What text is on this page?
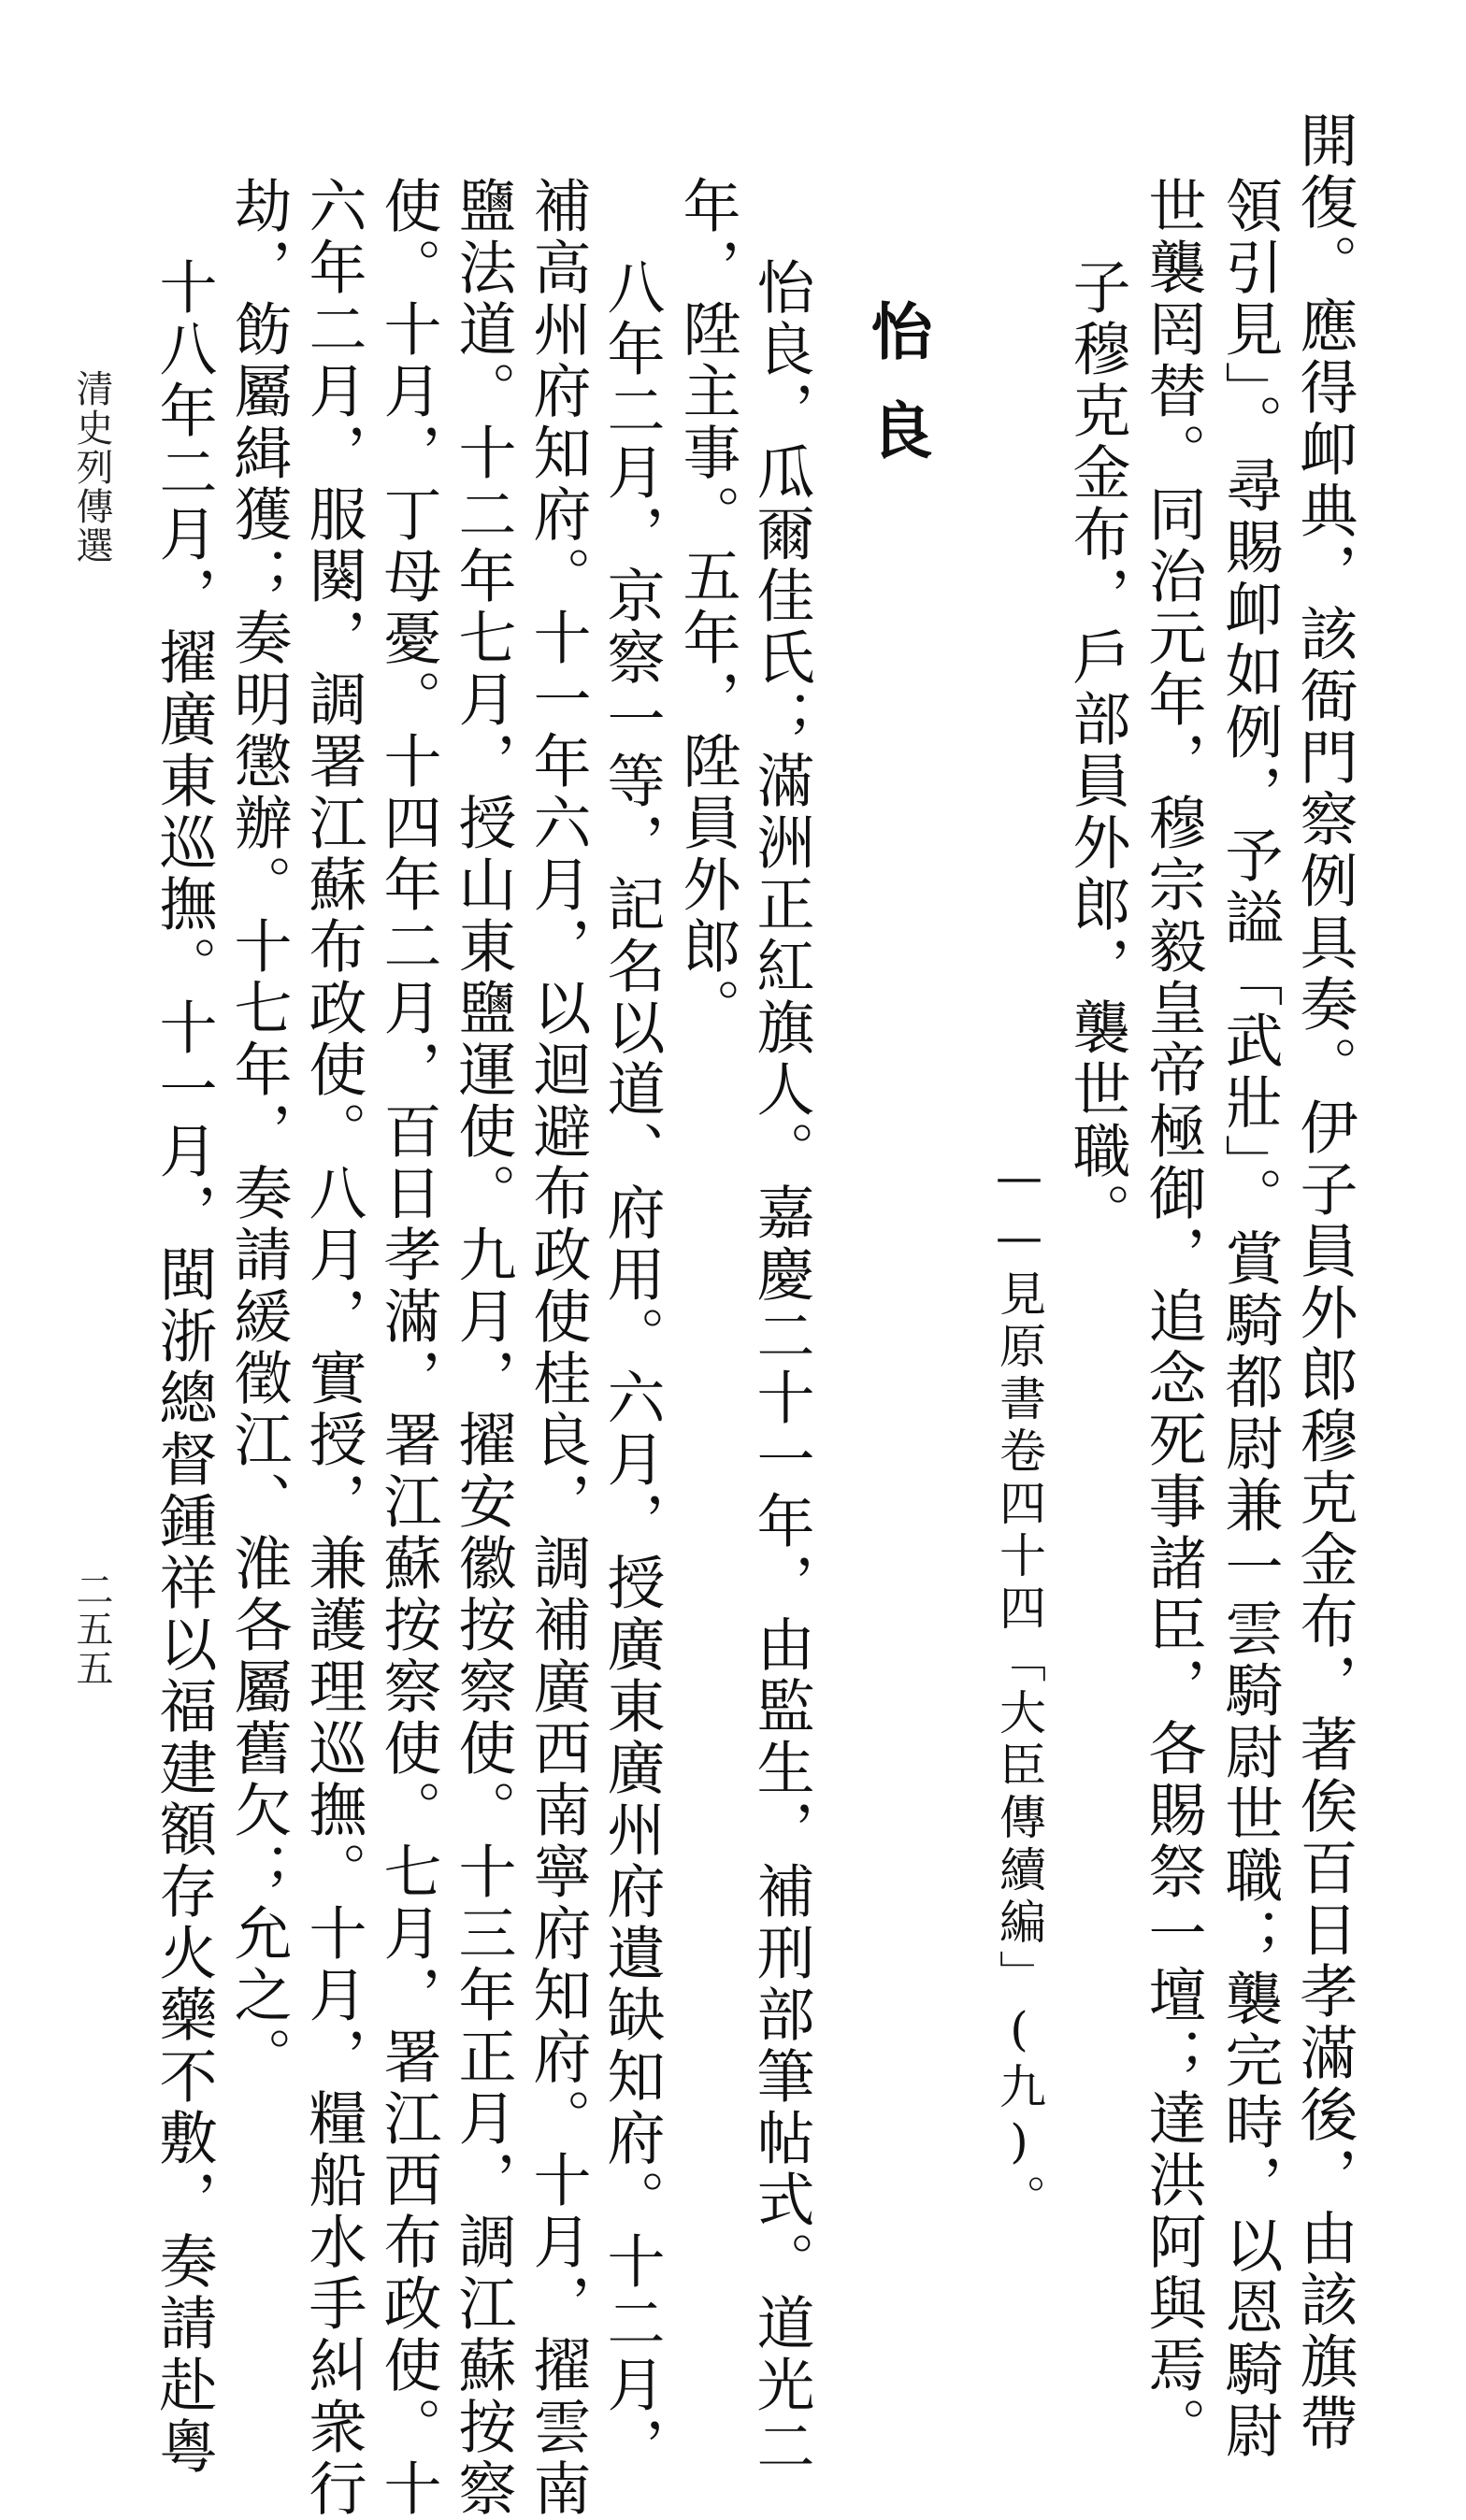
開復。應得卹典，該衙門察例具奏。伊子員外郎穆克金布，著俟百日孝滿後，由該旗帶
領引見」。尋賜卹如例，予謚「武壯」。賞騎都尉兼一雲騎尉世職；襲完時，以恩騎尉
世襲罔替。同治元年，穆宗毅皇帝極御，追念死事諸臣，各賜祭一壇；達洪阿與焉。
子穆克金布，戶部員外郎，襲世職。
——見原書卷四十四「大臣傳續編」(九)。
怡良
怡良，瓜爾佳氏；滿洲正紅旗人。嘉慶二十一年，由監生，補刑部筆帖式。道光二
年，陞主事。五年，陞員外郎。
八年二月，京察一等，記名以道、府用。六月，授廣東廣州府遺缺知府。十二月，
補高州府知府。十一年六月，以迴避布政使桂良，調補廣西南寧府知府。十月，擢雲南
鹽法道。十二年七月，授山東鹽運使。九月，擢安徽按察使。十三年正月，調江蘇按察
使。十月，丁母憂。十四年二月，百日孝滿，署江蘇按察使。七月，署江西布政使。十
六年二月，服闋，調署江蘇布政使。八月，實授，兼護理巡撫。十月，糧船水手糾衆行
劫，飭屬緝獲；奏明懲辦。十七年，奏請緩徵江、淮各屬舊欠；允之。
十八年二月，擢廣東巡撫。十一月，閩浙總督鍾祥以福建額存火藥不敷，奏請赴粵
清史列傳選
二五五
